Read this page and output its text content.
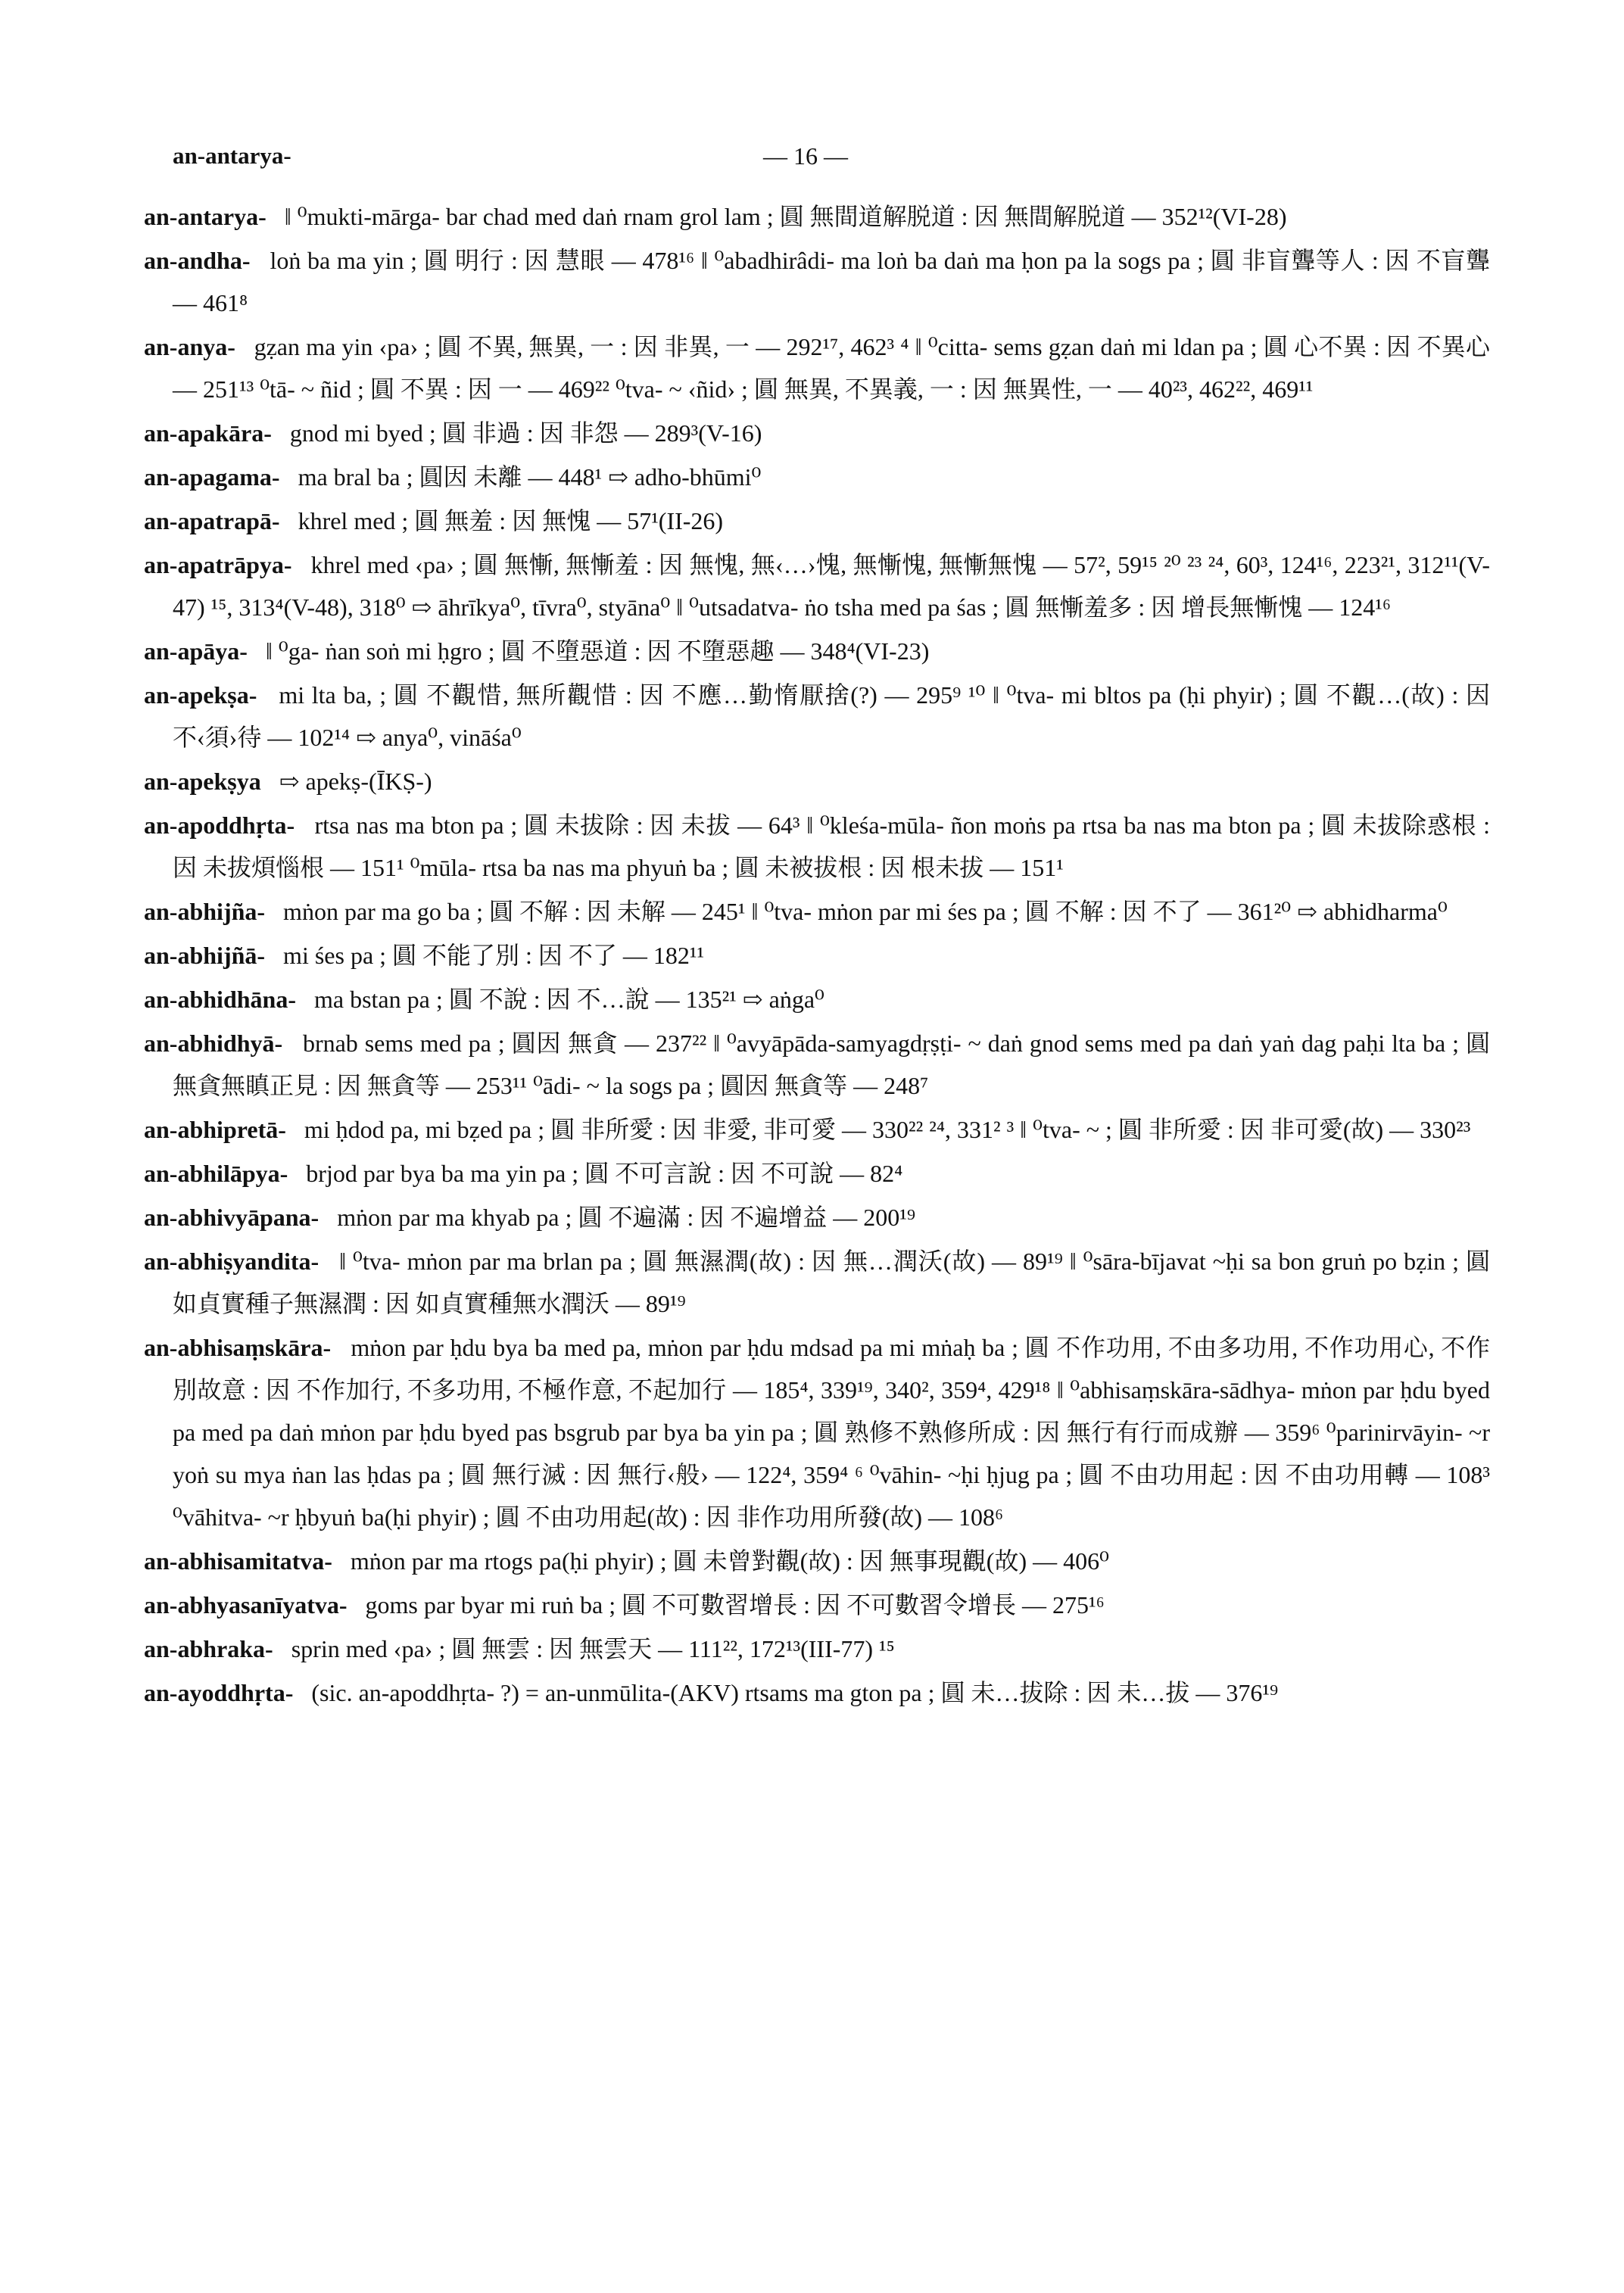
an-antarya-	— 16 —

an-antarya- ‖ ⁰mukti-mārga- bar chad med daṅ rnam grol lam ; 圓 無間道解脱道 : 因 無間解脱道 — 352¹²(VI-28)

an-andha- loṅ ba ma yin ; 圓 明行 : 因 慧眼 — 478¹⁶ ‖ ⁰abadhirâdi- ma loṅ ba daṅ ma ḥon pa la sogs pa ; 圓 非盲聾等人 : 因 不盲聾 — 461⁸

an-anya- gẓan ma yin ‹pa› ; 圓 不異, 無異, 一 : 因 非異, 一 — 292¹⁷, 462³ ⁴ ‖ ⁰citta- sems gẓan daṅ mi ldan pa ; 圓 心不異 : 因 不異心 — 251¹³ ⁰tā- ~ ñid ; 圓 不異 : 因 一 — 469²² ⁰tva- ~ ‹ñid› ; 圓 無異, 不異義, 一 : 因 無異性, 一 — 40²³, 462²², 469¹¹

an-apakāra- gnod mi byed ; 圓 非過 : 因 非怨 — 289³(V-16)

an-apagama- ma bral ba ; 圓因 未離 — 448¹ ⇨ adho-bhūmi⁰

an-apatrapā- khrel med ; 圓 無羞 : 因 無愧 — 57¹(II-26)

an-apatrāpya- khrel med ‹pa› ; 圓 無慚, 無慚羞 : 因 無愧, 無‹…›愧, 無慚愧, 無慚無愧 — 57², 59¹⁵ ²⁰ ²³ ²⁴, 60³, 124¹⁶, 223²¹, 312¹¹(V-47) ¹⁵, 313⁴(V-48), 318⁰ ⇨ āhrīkya⁰, tīvra⁰, styāna⁰ ‖ ⁰utsadatva- ṅo tsha med pa śas ; 圓 無慚羞多 : 因 增長無慚愧 — 124¹⁶

an-apāya- ‖ ⁰ga- ṅan soṅ mi ḥgro ; 圓 不墮惡道 : 因 不墮惡趣 — 348⁴(VI-23)

an-apekṣa- mi lta ba, ; 圓 不觀惜, 無所觀惜 : 因 不應…勤惰厭捨(?) — 295⁹ ¹⁰ ‖ ⁰tva- mi bltos pa (ḥi phyir) ; 圓 不觀…(故) : 因 不‹須›待 — 102¹⁴ ⇨ anya⁰, vināśa⁰

an-apekṣya ⇨ apekṣ-(ĪKṢ-)

an-apoddhṛta- rtsa nas ma bton pa ; 圓 未拔除 : 因 未拔 — 64³ ‖ ⁰kleśa-mūla- ñon moṅs pa rtsa ba nas ma bton pa ; 圓 未拔除惑根 : 因 未拔煩惱根 — 151¹ ⁰mūla- rtsa ba nas ma phyuṅ ba ; 圓 未被拔根 : 因 根未拔 — 151¹

an-abhijña- mṅon par ma go ba ; 圓 不解 : 因 未解 — 245¹ ‖ ⁰tva- mṅon par mi śes pa ; 圓 不解 : 因 不了 — 361²⁰ ⇨ abhidharma⁰

an-abhijñā- mi śes pa ; 圓 不能了別 : 因 不了 — 182¹¹

an-abhidhāna- ma bstan pa ; 圓 不說 : 因 不…說 — 135²¹ ⇨ aṅga⁰

an-abhidhyā- brnab sems med pa ; 圓因 無貪 — 237²² ‖ ⁰avyāpāda-samyagdṛṣṭi- ~ daṅ gnod sems med pa daṅ yaṅ dag paḥi lta ba ; 圓 無貪無瞋正見 : 因 無貪等 — 253¹¹ ⁰ādi- ~ la sogs pa ; 圓因 無貪等 — 248⁷

an-abhipretā- mi ḥdod pa, mi bẓed pa ; 圓 非所愛 : 因 非愛, 非可愛 — 330²² ²⁴, 331² ³ ‖ ⁰tva- ~ ; 圓 非所愛 : 因 非可愛(故) — 330²³

an-abhilāpya- brjod par bya ba ma yin pa ; 圓 不可言說 : 因 不可說 — 82⁴

an-abhivyāpana- mṅon par ma khyab pa ; 圓 不遍滿 : 因 不遍增益 — 200¹⁹

an-abhiṣyandita- ‖ ⁰tva- mṅon par ma brlan pa ; 圓 無濕潤(故) : 因 無…潤沃(故) — 89¹⁹ ‖ ⁰sāra-bījavat ~ḥi sa bon gruṅ po bẓin ; 圓 如貞實種子無濕潤 : 因 如貞實種無水潤沃 — 89¹⁹

an-abhisaṃskāra- mṅon par ḥdu bya ba med pa, mṅon par ḥdu mdsad pa mi mṅaḥ ba ; 圓 不作功用, 不由多功用, 不作功用心, 不作別故意 : 因 不作加行, 不多功用, 不極作意, 不起加行 — 185⁴, 339¹⁹, 340², 359⁴, 429¹⁸ ‖ ⁰abhisaṃskāra-sādhya- mṅon par ḥdu byed pa med pa daṅ mṅon par ḥdu byed pas bsgrub par bya ba yin pa ; 圓 熟修不熟修所成 : 因 無行有行而成辦 — 359⁶ ⁰parinirvāyin- ~r yoṅ su mya ṅan las ḥdas pa ; 圓 無行滅 : 因 無行‹般› — 122⁴, 359⁴ ⁶ ⁰vāhin- ~ḥi ḥjug pa ; 圓 不由功用起 : 因 不由功用轉 — 108³ ⁰vāhitva- ~r ḥbyuṅ ba(ḥi phyir) ; 圓 不由功用起(故) : 因 非作功用所發(故) — 108⁶

an-abhisamitatva- mṅon par ma rtogs pa(ḥi phyir) ; 圓 未曾對觀(故) : 因 無事現觀(故) — 406⁰

an-abhyasanīyatva- goms par byar mi ruṅ ba ; 圓 不可數習增長 : 因 不可數習令增長 — 275¹⁶

an-abhraka- sprin med ‹pa› ; 圓 無雲 : 因 無雲天 — 111²², 172¹³(III-77) ¹⁵

an-ayoddhṛta- (sic. an-apoddhṛta- ?) = an-unmūlita-(AKV) rtsams ma gton pa ; 圓 未…拔除 : 因 未…拔 — 376¹⁹
